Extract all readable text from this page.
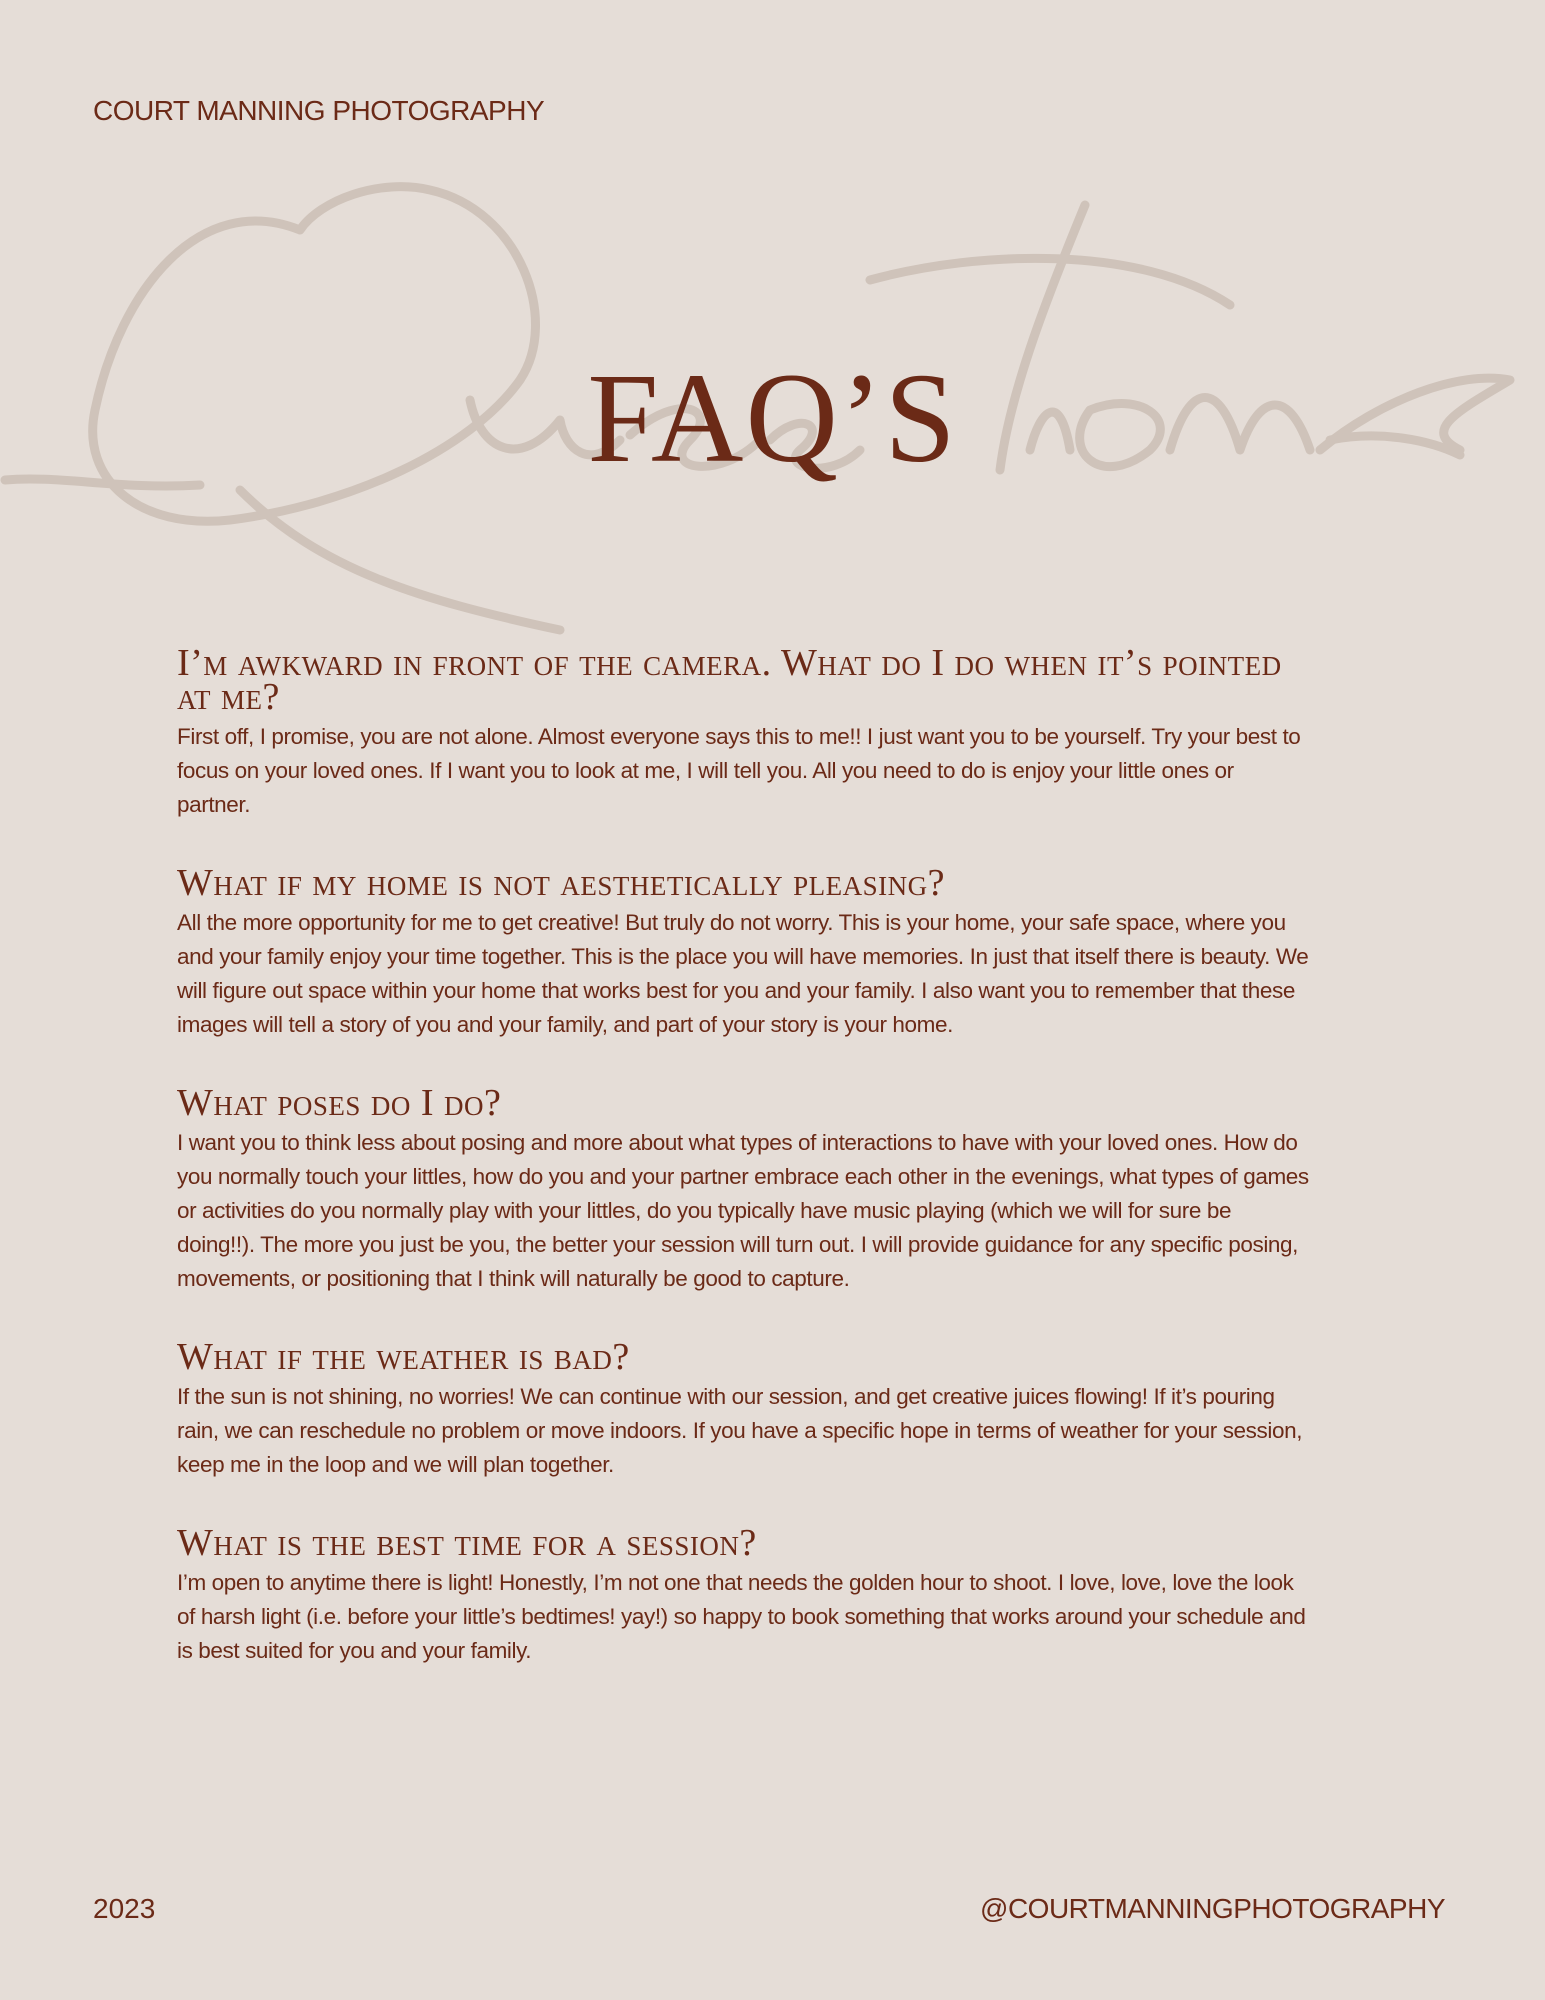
COURT MANNING PHOTOGRAPHY
FAQ’S
I’m awkward in front of the camera. What do I do when it’s pointed at me?

First off, I promise, you are not alone. Almost everyone says this to me!! I just want you to be yourself. Try your best to focus on your loved ones. If I want you to look at me, I will tell you. All you need to do is enjoy your little ones or partner.

What if my home is not aesthetically pleasing?

All the more opportunity for me to get creative! But truly do not worry. This is your home, your safe space, where you and your family enjoy your time together. This is the place you will have memories. In just that itself there is beauty. We will figure out space within your home that works best for you and your family. I also want you to remember that these images will tell a story of you and your family, and part of your story is your home.

What poses do I do?

I want you to think less about posing and more about what types of interactions to have with your loved ones. How do you normally touch your littles, how do you and your partner embrace each other in the evenings, what types of games or activities do you normally play with your littles, do you typically have music playing (which we will for sure be doing!!). The more you just be you, the better your session will turn out. I will provide guidance for any specific posing, movements, or positioning that I think will naturally be good to capture.

What if the weather is bad?

If the sun is not shining, no worries! We can continue with our session, and get creative juices flowing! If it’s pouring rain, we can reschedule no problem or move indoors. If you have a specific hope in terms of weather for your session, keep me in the loop and we will plan together.

What is the best time for a session?

I’m open to anytime there is light! Honestly, I’m not one that needs the golden hour to shoot. I love, love, love the look of harsh light (i.e. before your little’s bedtimes! yay!) so happy to book something that works around your schedule and is best suited for you and your family.

2023	@COURTMANNINGPHOTOGRAPHY
